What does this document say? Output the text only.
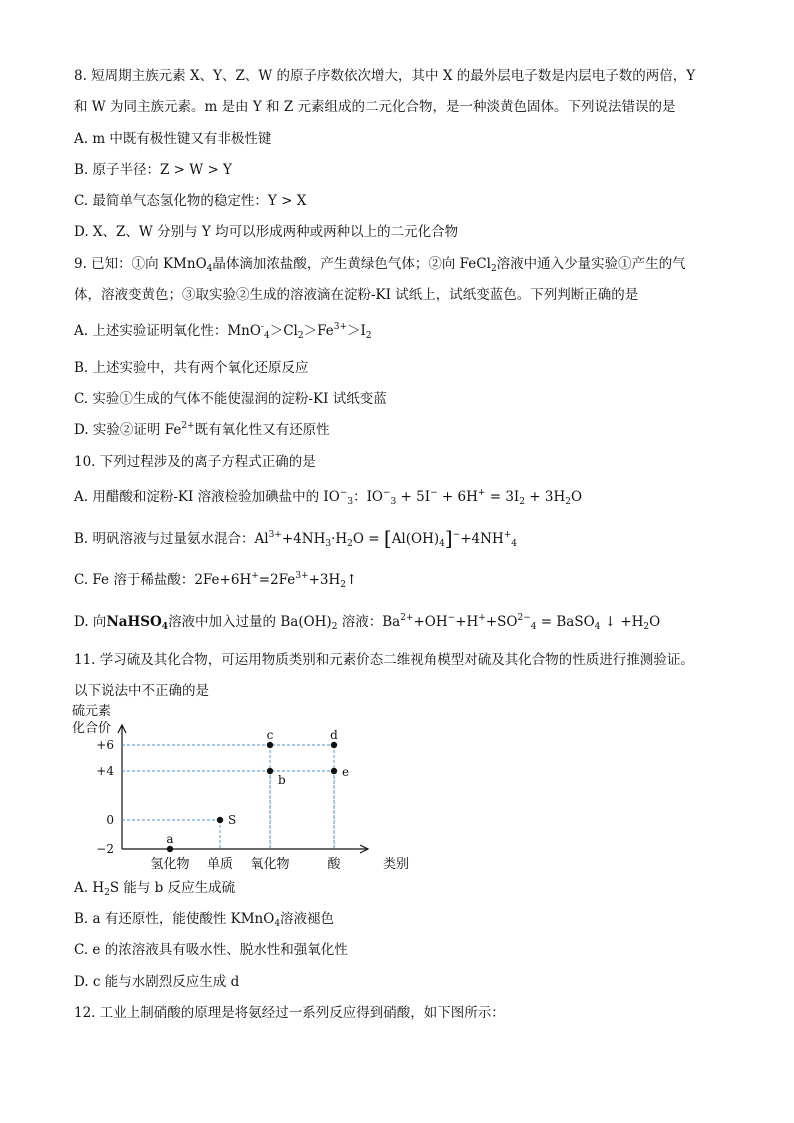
8. 短周期主族元素 X、Y、Z、W 的原子序数依次增大，其中 X 的最外层电子数是内层电子数的两倍，Y
和 W 为同主族元素。m 是由 Y 和 Z 元素组成的二元化合物，是一种淡黄色固体。下列说法错误的是
A. m 中既有极性键又有非极性键
B. 原子半径：Z > W > Y
C. 最简单气态氢化物的稳定性：Y > X
D. X、Z、W 分别与 Y 均可以形成两种或两种以上的二元化合物
9. 已知：①向 KMnO$_4$晶体滴加浓盐酸，产生黄绿色气体；②向 FeCl$_2$溶液中通入少量实验①产生的气
体，溶液变黄色；③取实验②生成的溶液滴在淀粉-KI 试纸上，试纸变蓝色。下列判断正确的是
A. 上述实验证明氧化性：$MnO^-_4>Cl_2>Fe^{3+}>I_2$
B. 上述实验中，共有两个氧化还原反应
C. 实验①生成的气体不能使湿润的淀粉-KI 试纸变蓝
D. 实验②证明 $Fe^{2+}$既有氧化性又有还原性
10. 下列过程涉及的离子方程式正确的是
A. 用醋酸和淀粉-KI 溶液检验加碘盐中的 $IO^-_3$：$IO^-_3 + 5I^- + 6H^+ = 3I_2 + 3H_2O$
B. 明矾溶液与过量氨水混合：$Al^{3+}+4NH_3\cdot H_2O = [Al(OH)_4]^-+4NH^+_4$
C. Fe 溶于稀盐酸：$2Fe+6H^+=2Fe^{3+}+3H_2↑$
D. 向NaHSO$_4$溶液中加入过量的 $Ba(OH)_2$ 溶液：$Ba^{2+}+OH^-+H^++SO^{2-}_4$ = BaSO$_4$ ↓ $+H_2O$
11. 学习硫及其化合物，可运用物质类别和元素价态二维视角模型对硫及其化合物的性质进行推测验证。
以下说法中不正确的是
硫元素化合价
类别
+6
+4
0
−2
氢化物 单质 氧化物	酸
a
S
b
c	d
e
A. $H_2S$ 能与 b 反应生成硫
B. a 有还原性，能使酸性 KMnO$_4$溶液褪色
C. e 的浓溶液具有吸水性、脱水性和强氧化性
D. c 能与水剧烈反应生成 d
12. 工业上制硝酸的原理是将氨经过一系列反应得到硝酸，如下图所示：
